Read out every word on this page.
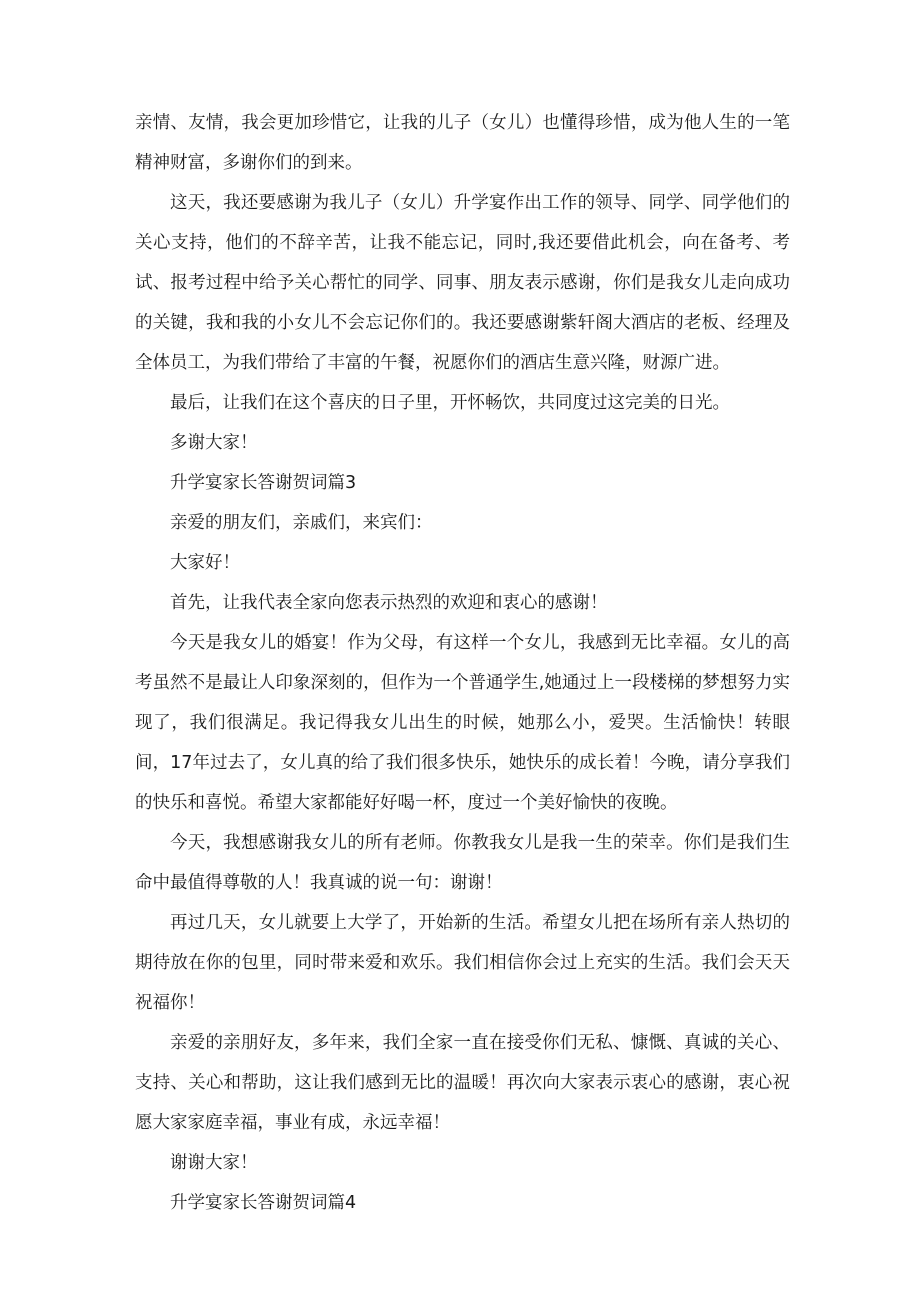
亲情、友情，我会更加珍惜它，让我的儿子（女儿）也懂得珍惜，成为他人生的一笔精神财富，多谢你们的到来。

这天，我还要感谢为我儿子（女儿）升学宴作出工作的领导、同学、同学他们的关心支持，他们的不辞辛苦，让我不能忘记，同时,我还要借此机会，向在备考、考试、报考过程中给予关心帮忙的同学、同事、朋友表示感谢，你们是我女儿走向成功的关键，我和我的小女儿不会忘记你们的。我还要感谢紫轩阁大酒店的老板、经理及全体员工，为我们带给了丰富的午餐，祝愿你们的酒店生意兴隆，财源广进。

最后，让我们在这个喜庆的日子里，开怀畅饮，共同度过这完美的日光。

多谢大家！

升学宴家长答谢贺词篇3

亲爱的朋友们，亲戚们，来宾们：

大家好！

首先，让我代表全家向您表示热烈的欢迎和衷心的感谢！

今天是我女儿的婚宴！作为父母，有这样一个女儿，我感到无比幸福。女儿的高考虽然不是最让人印象深刻的，但作为一个普通学生,她通过上一段楼梯的梦想努力实现了，我们很满足。我记得我女儿出生的时候，她那么小，爱哭。生活愉快！转眼间，17年过去了，女儿真的给了我们很多快乐，她快乐的成长着！今晚，请分享我们的快乐和喜悦。希望大家都能好好喝一杯，度过一个美好愉快的夜晚。

今天，我想感谢我女儿的所有老师。你教我女儿是我一生的荣幸。你们是我们生命中最值得尊敬的人！我真诚的说一句：谢谢！

再过几天，女儿就要上大学了，开始新的生活。希望女儿把在场所有亲人热切的期待放在你的包里，同时带来爱和欢乐。我们相信你会过上充实的生活。我们会天天祝福你！

亲爱的亲朋好友，多年来，我们全家一直在接受你们无私、慷慨、真诚的关心、支持、关心和帮助，这让我们感到无比的温暖！再次向大家表示衷心的感谢，衷心祝愿大家家庭幸福，事业有成，永远幸福！

谢谢大家！

升学宴家长答谢贺词篇4
